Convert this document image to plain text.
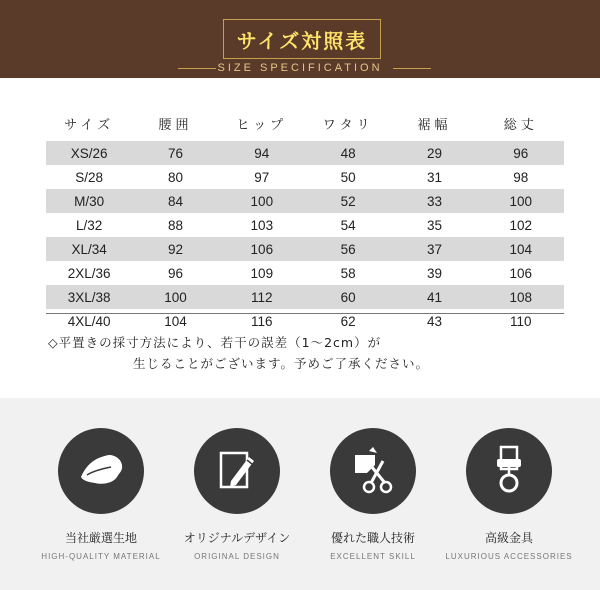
サイズ対照表
SIZE SPECIFICATION
サイズ	腰囲	ヒップ	ワタリ	裾幅	総丈
XS/26	76	94	48	29	96
S/28	80	97	50	31	98
M/30	84	100	52	33	100
L/32	88	103	54	35	102
XL/34	92	106	56	37	104
2XL/36	96	109	58	39	106
3XL/38	100	112	60	41	108
4XL/40	104	116	62	43	110
◇平置きの採寸方法により、若干の誤差（1〜2cm）が
生じることがございます。予めご了承ください。
当社厳選生地
HIGH-QUALITY MATERIAL
オリジナルデザイン
ORIGINAL DESIGN
優れた職人技術
EXCELLENT SKILL
高級金具
LUXURIOUS ACCESSORIES
